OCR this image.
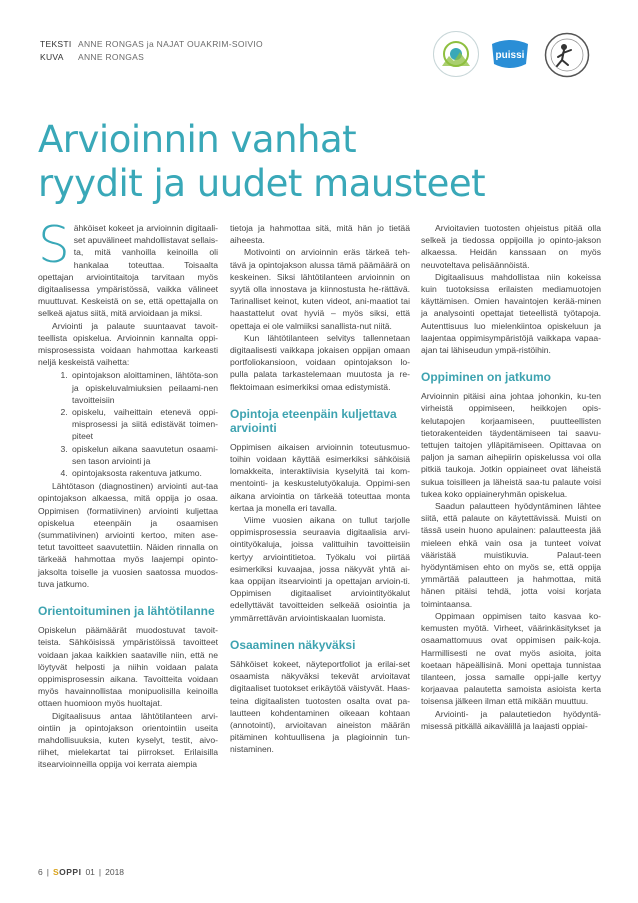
TEKSTI ANNE RONGAS ja NAJAT OUAKRIM-SOIVIO
KUVA	ANNE RONGAS	puissi
Arvioinnin vanhat
ryydit ja uudet mausteet

Sähköiset kokeet ja arvioinnin digitaali-set apuvälineet mahdollistavat sellais-ta, mitä vanhoilla keinoilla oli hankalaa toteuttaa. Toisaalta opettajan arviointitaitoja tarvitaan myös digitaalisessa ympäristössä, vaikka välineet muuttuvat. Keskeistä on se, että opettajalla on selkeä ajatus siitä, mitä arvioidaan ja miksi.

Arviointi ja palaute suuntaavat tavoit-teellista opiskelua. Arvioinnin kannalta oppi-misprosessista voidaan hahmottaa karkeasti neljä keskeistä vaihetta:

1. opintojakson aloittaminen, lähtöta-son ja opiskeluvalmiuksien peilaami-nen tavoitteisiin
2. opiskelu, vaiheittain etenevä oppi-misprosessi ja siitä edistävät toimen-piteet
3. opiskelun aikana saavutetun osaami-sen tason arviointi ja
4. opintojaksosta rakentuva jatkumo.

Lähtötason (diagnostinen) arviointi aut-taa opintojakson alkaessa, mitä oppija jo osaa. Oppimisen (formatiivinen) arviointi kuljettaa opiskelua eteenpäin ja osaamisen (summatiivinen) arviointi kertoo, miten ase-tetut tavoitteet saavutettiin. Näiden rinnalla on tärkeää hahmottaa myös laajempi opinto-jaksolta toiselle ja vuosien saatossa muodos-tuva jatkumo.

Orientoituminen ja lähtötilanne

Opiskelun päämäärät muodostuvat tavoit-teista. Sähköisissä ympäristöissä tavoitteet voidaan jakaa kaikkien saataville niin, että ne löytyvät helposti ja niihin voidaan palata oppimisprosessin aikana. Tavoitteita voidaan myös havainnollistaa monipuolisilla keinoilla ottaen huomioon myös huoltajat.

Digitaalisuus antaa lähtötilanteen arvi-ointiin ja opintojakson orientointiin useita mahdollisuuksia, kuten kyselyt, testit, aivo-riihet, mielekartat tai piirrokset. Erilaisilla itsearvioinneilla oppija voi kerrata aiempia

tietoja ja hahmottaa sitä, mitä hän jo tietää aiheesta.

Motivointi on arvioinnin eräs tärkeä teh-tävä ja opintojakson alussa tämä päämäärä on keskeinen. Siksi lähtötilanteen arvioinnin on syytä olla innostava ja kiinnostusta he-rättävä. Tarinalliset keinot, kuten videot, ani-maatiot tai haastattelut ovat hyviä – myös siksi, että opettaja ei ole valmiiksi sanallista-nut niitä.

Kun lähtötilanteen selvitys tallennetaan digitaalisesti vaikkapa jokaisen oppijan omaan portfoliokansioon, voidaan opintojakson lo-pulla palata tarkastelemaan muutosta ja re-flektoimaan esimerkiksi omaa edistymistä.

Opintoja eteenpäin kuljettava arviointi

Oppimisen aikaisen arvioinnin toteutusmuo-toihin voidaan käyttää esimerkiksi sähköisiä lomakkeita, interaktiivisia kyselyitä tai kom-mentointi- ja keskustelutyökaluja. Oppimi-sen aikana arviointia on tärkeää toteuttaa monta kertaa ja monella eri tavalla.

Viime vuosien aikana on tullut tarjolle oppimisprosessia seuraavia digitaalisia arvi-ointityökaluja, joissa valittuihin tavoitteisiin kertyy arviointitietoa. Työkalu voi piirtää esimerkiksi kuvaajaa, jossa näkyvät yhtä ai-kaa oppijan itsearviointi ja opettajan arvioin-ti. Oppimisen digitaaliset arviointityökalut edellyttävät tavoitteiden selkeää osiointia ja ymmärrettävän arviointiskaalan luomista.

Osaaminen näkyväksi

Sähköiset kokeet, näyteportfoliot ja erilai-set osaamista näkyväksi tekevät arvioitavat digitaaliset tuotokset erikäytöä väistyvät. Haas-teina digitaalisten tuotosten osalta ovat pa-lautteen kohdentaminen oikeaan kohtaan (annotointi), arvioitavan aineiston määrän pitäminen kohtuullisena ja plagioinnin tun-nistaminen.

Arvioitavien tuotosten ohjeistus pitää olla selkeä ja tiedossa oppijoilla jo opinto-jakson alkaessa. Heidän kanssaan on myös neuvoteltava pelisäännöistä.

Digitaalisuus mahdollistaa niin kokeissa kuin tuotoksissa erilaisten mediamuotojen käyttämisen. Omien havaintojen kerää-minen ja analysointi opettajat tieteellistä työtapoja. Autenttisuus luo mielenkiintoa opiskeluun ja laajentaa oppimisympäristöjä vaikkapa vapaa-ajan tai lähiseudun ympä-ristöihin.

Oppiminen on jatkumo

Arvioinnin pitäisi aina johtaa johonkin, ku-ten virheistä oppimiseen, heikkojen opis-kelutapojen korjaamiseen, puutteellisten tietorakenteiden täydentämiseen tai saavu-tettujen taitojen ylläpitämiseen. Opittavaa on paljon ja saman aihepiirin opiskelussa voi olla pitkiä taukoja. Jotkin oppiaineet ovat läheistä sukua toisilleen ja läheistä saa-tu palaute voisi tukea koko oppiaineryhmän opiskelua.

Saadun palautteen hyödyntäminen lähtee siitä, että palaute on käytettävissä. Muisti on tässä usein huono apulainen: palautteesta jää mieleen ehkä vain osa ja tunteet voivat vääristää muistikuvia. Palaut-teen hyödyntämisen ehto on myös se, että oppija ymmärtää palautteen ja hahmottaa, mitä hänen pitäisi tehdä, jotta voisi korjata toimintaansa.

Oppimaan oppimisen taito kasvaa ko-kemusten myötä. Virheet, väärinkäsitykset ja osaamattomuus ovat oppimisen paik-koja. Harmillisesti ne ovat myös asioita, joita koetaan häpeällisinä. Moni opettaja tunnistaa tilanteen, jossa samalle oppi-jalle kertyy korjaavaa palautetta samoista asioista kerta toisensa jälkeen ilman että mikään muuttuu.

Arviointi- ja palautetiedon hyödyntä-misessä pitkällä aikavälillä ja laajasti oppiai-

6 | SOPPI 01 | 2018
